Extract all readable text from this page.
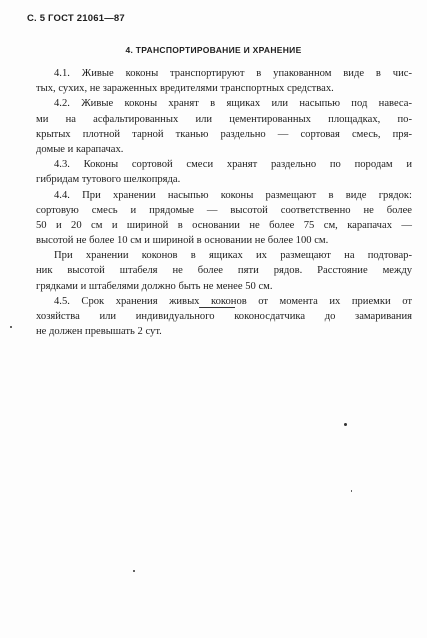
С. 5 ГОСТ 21061—87
4. ТРАНСПОРТИРОВАНИЕ И ХРАНЕНИЕ
4.1. Живые коконы транспортируют в упакованном виде в чис-
тых, сухих, не зараженных вредителями транспортных средствах.
4.2. Живые коконы хранят в ящиках или насыпью под навеса-
ми на асфальтированных или цементированных площадках, по-
крытых плотной тарной тканью раздельно — сортовая смесь, пря-
домые и карапачах.
4.3. Коконы сортовой смеси хранят раздельно по породам и
гибридам тутового шелкопряда.
4.4. При хранении насыпью коконы размещают в виде грядок:
сортовую смесь и прядомые — высотой соответственно не более
50 и 20 см и шириной в основании не более 75 см, карапачах —
высотой не более 10 см и шириной в основании не более 100 см.
При хранении коконов в ящиках их размещают на подтовар-
ник высотой штабеля не более пяти рядов. Расстояние между
грядками и штабелями должно быть не менее 50 см.
4.5. Срок хранения живых коконов от момента их приемки от
хозяйства или индивидуального коконосдатчика до замаривания
не должен превышать 2 сут.
